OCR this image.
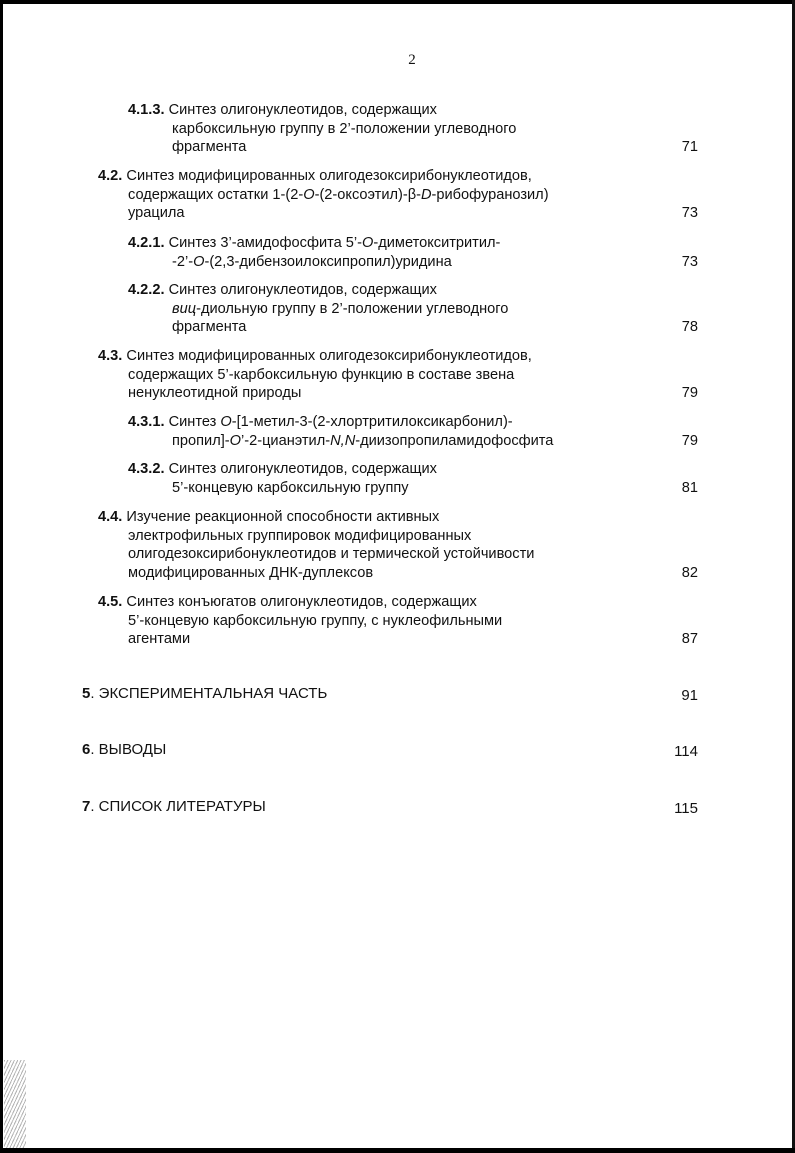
2
4.1.3. Синтез олигонуклеотидов, содержащих
карбоксильную группу в 2’-положении углеводного
фрагмента	71
4.2. Синтез модифицированных олигодезоксирибонуклеотидов,
содержащих остатки 1-(2-O-(2-оксоэтил)-β-D-рибофуранозил)
урацила	73
4.2.1. Синтез 3’-амидофосфита 5’-O-диметокситритил-
-2’-O-(2,3-дибензоилоксипропил)уридина	73
4.2.2. Синтез олигонуклеотидов, содержащих
виц-диольную группу в 2’-положении углеводного
фрагмента	78
4.3. Синтез модифицированных олигодезоксирибонуклеотидов,
содержащих 5’-карбоксильную функцию в составе звена
ненуклеотидной природы	79
4.3.1. Синтез O-[1-метил-3-(2-хлортритилоксикарбонил)-
пропил]-O’-2-цианэтил-N,N-диизопропиламидофосфита	79
4.3.2. Синтез олигонуклеотидов, содержащих
5’-концевую карбоксильную группу	81
4.4. Изучение реакционной способности активных
электрофильных группировок модифицированных
олигодезоксирибонуклеотидов и термической устойчивости
модифицированных ДНК-дуплексов	82
4.5. Синтез конъюгатов олигонуклеотидов, содержащих
5’-концевую карбоксильную группу, с нуклеофильными
агентами	87
5. ЭКСПЕРИМЕНТАЛЬНАЯ ЧАСТЬ	91
6. ВЫВОДЫ	114
7. СПИСОК ЛИТЕРАТУРЫ	115
